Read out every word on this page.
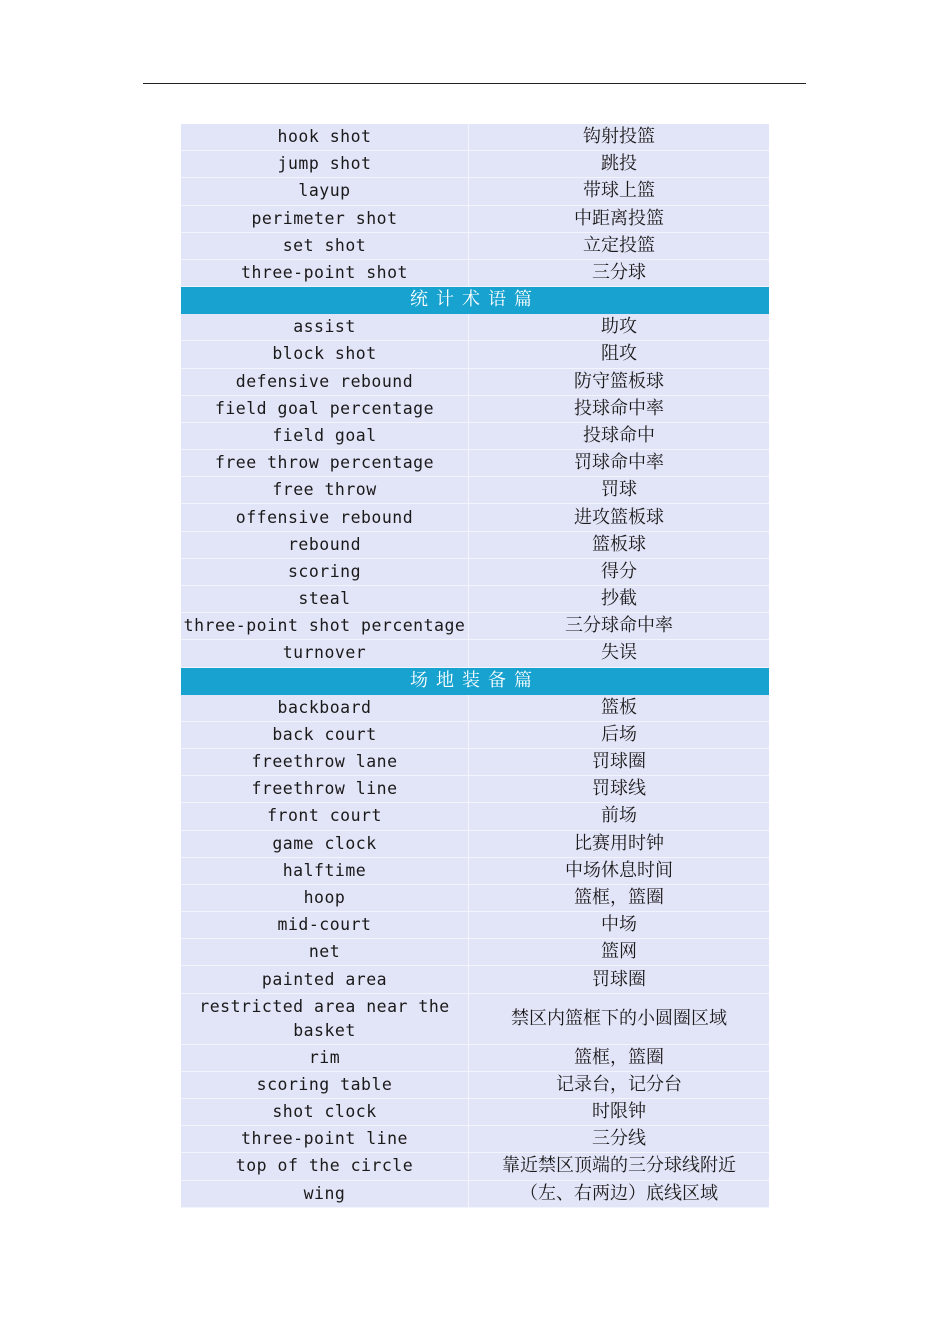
hook shot	钩射投篮
jump shot	跳投
layup	带球上篮
perimeter shot	中距离投篮
set shot	立定投篮
three-point shot	三分球
统计术语篇	
assist	助攻
block shot	阻攻
defensive rebound	防守篮板球
field goal percentage	投球命中率
field goal	投球命中
free throw percentage	罚球命中率
free throw	罚球
offensive rebound	进攻篮板球
rebound	篮板球
scoring	得分
steal	抄截
three-point shot percentage	三分球命中率
turnover	失误
场地装备篇	
backboard	篮板
back court	后场
freethrow lane	罚球圈
freethrow line	罚球线
front court	前场
game clock	比赛用时钟
halftime	中场休息时间
hoop	篮框，篮圈
mid-court	中场
net	篮网
painted area	罚球圈

restricted area near the
basket	禁区内篮框下的小圆圈区域
rim	篮框，篮圈
scoring table	记录台，记分台
shot clock	时限钟
three-point line	三分线
top of the circle	靠近禁区顶端的三分球线附近
wing	（左、右两边）底线区域
